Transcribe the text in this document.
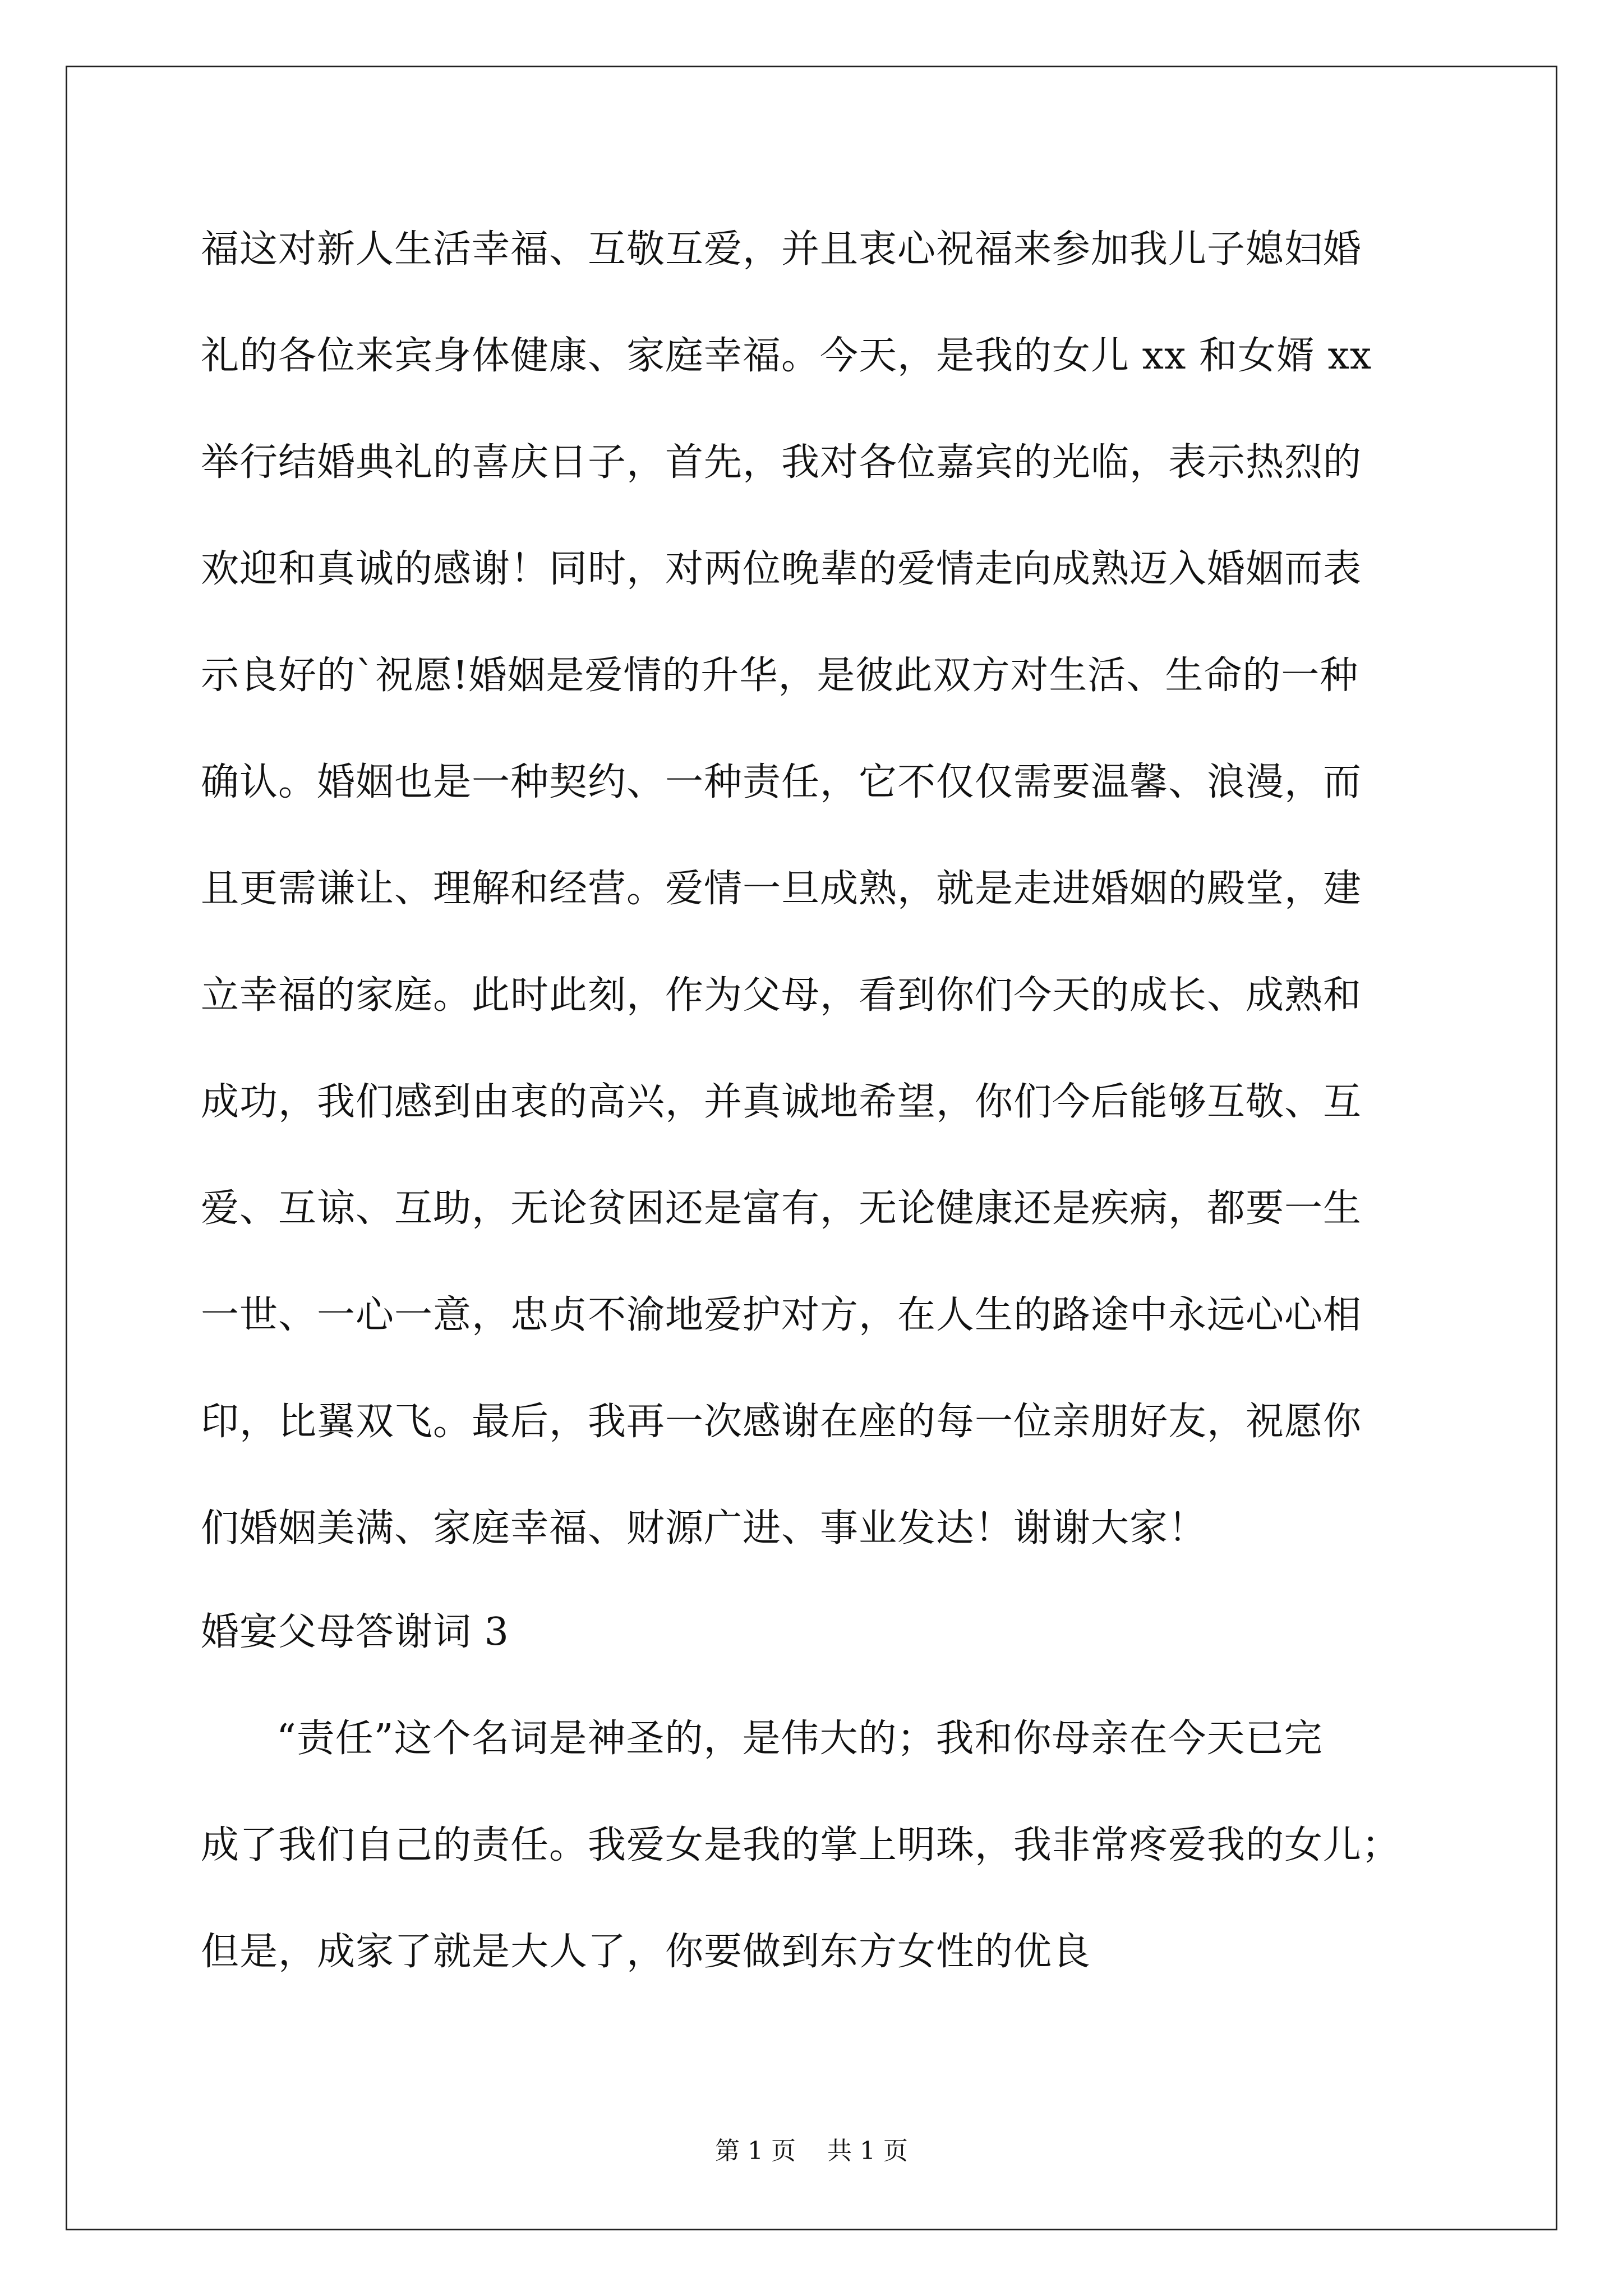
福这对新人生活幸福、互敬互爱，并且衷心祝福来参加我儿子媳妇婚
礼的各位来宾身体健康、家庭幸福。今天，是我的女儿 xx 和女婿 xx
举行结婚典礼的喜庆日子，首先，我对各位嘉宾的光临，表示热烈的
欢迎和真诚的感谢！同时，对两位晚辈的爱情走向成熟迈入婚姻而表
示良好的`祝愿!婚姻是爱情的升华，是彼此双方对生活、生命的一种
确认。婚姻也是一种契约、一种责任，它不仅仅需要温馨、浪漫，而
且更需谦让、理解和经营。爱情一旦成熟，就是走进婚姻的殿堂，建
立幸福的家庭。此时此刻，作为父母，看到你们今天的成长、成熟和
成功，我们感到由衷的高兴，并真诚地希望，你们今后能够互敬、互
爱、互谅、互助，无论贫困还是富有，无论健康还是疾病，都要一生
一世、一心一意，忠贞不渝地爱护对方，在人生的路途中永远心心相
印，比翼双飞。最后，我再一次感谢在座的每一位亲朋好友，祝愿你
们婚姻美满、家庭幸福、财源广进、事业发达！谢谢大家！
婚宴父母答谢词 3
“责任”这个名词是神圣的，是伟大的；我和你母亲在今天已完
成了我们自己的责任。我爱女是我的掌上明珠，我非常疼爱我的女儿；
但是，成家了就是大人了，你要做到东方女性的优良
第 1 页    共 1 页
